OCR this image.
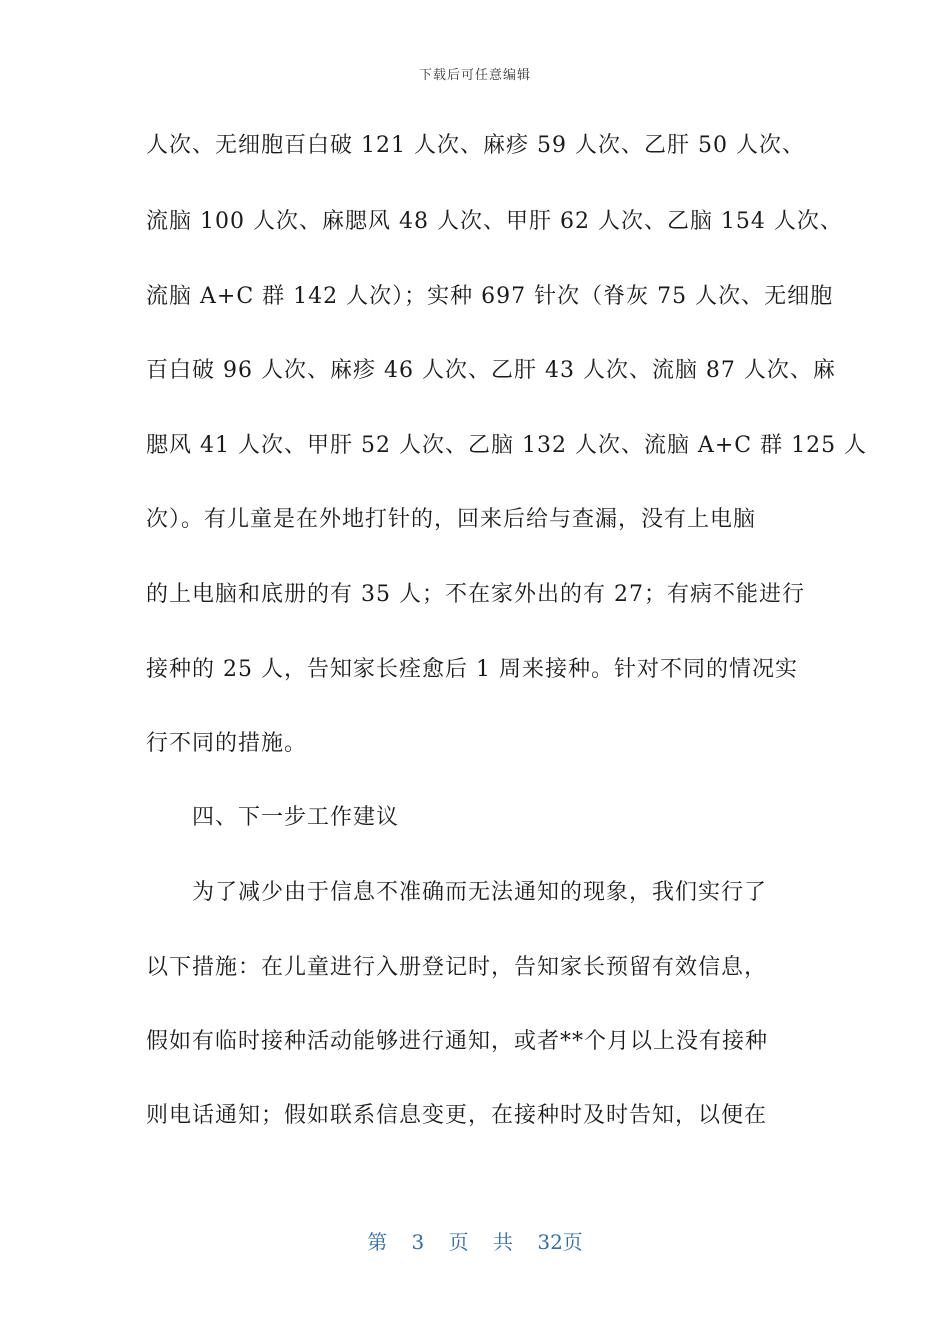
下载后可任意编辑
人次、无细胞百白破 121 人次、麻疹 59 人次、乙肝 50 人次、
流脑 100 人次、麻腮风 48 人次、甲肝 62 人次、乙脑 154 人次、
流脑 A+C 群 142 人次）；实种 697 针次（脊灰 75 人次、无细胞
百白破 96 人次、麻疹 46 人次、乙肝 43 人次、流脑 87 人次、麻
腮风 41 人次、甲肝 52 人次、乙脑 132 人次、流脑 A+C 群 125 人
次）。有儿童是在外地打针的，回来后给与查漏，没有上电脑
的上电脑和底册的有 35 人；不在家外出的有 27；有病不能进行
接种的 25 人，告知家长痊愈后 1 周来接种。针对不同的情况实
行不同的措施。
四、下一步工作建议
为了减少由于信息不准确而无法通知的现象，我们实行了
以下措施：在儿童进行入册登记时，告知家长预留有效信息，
假如有临时接种活动能够进行通知，或者**个月以上没有接种
则电话通知；假如联系信息变更，在接种时及时告知，以便在
第 3 页 共 32页
